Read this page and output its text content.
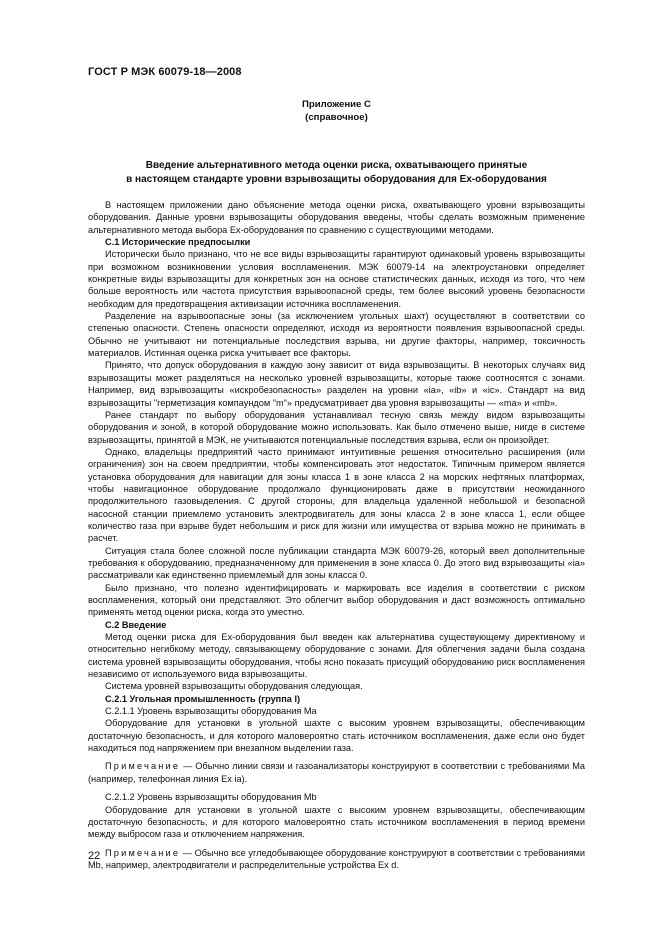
ГОСТ Р МЭК 60079-18—2008
Приложение C
(справочное)
Введение альтернативного метода оценки риска, охватывающего принятые
в настоящем стандарте уровни взрывозащиты оборудования для Ex-оборудования

В настоящем приложении дано объяснение метода оценки риска, охватывающего уровни взрывозащиты оборудования. Данные уровни взрывозащиты оборудования введены, чтобы сделать возможным применение альтернативного метода выбора Ex-оборудования по сравнению с существующими методами.

C.1 Исторические предпосылки

Исторически было признано, что не все виды взрывозащиты гарантируют одинаковый уровень взрывозащиты при возможном возникновении условия воспламенения. МЭК 60079-14 на электроустановки определяет конкретные виды взрывозащиты для конкретных зон на основе статистических данных, исходя из того, что чем больше вероятность или частота присутствия взрывоопасной среды, тем более высокий уровень безопасности необходим для предотвращения активизации источника воспламенения.

Разделение на взрывоопасные зоны (за исключением угольных шахт) осуществляют в соответствии со степенью опасности. Степень опасности определяют, исходя из вероятности появления взрывоопасной среды. Обычно не учитывают ни потенциальные последствия взрыва, ни другие факторы, например, токсичность материалов. Истинная оценка риска учитывает все факторы.

Принято, что допуск оборудования в каждую зону зависит от вида взрывозащиты. В некоторых случаях вид взрывозащиты может разделяться на несколько уровней взрывозащиты, которые также соотносятся с зонами. Например, вид взрывозащиты «искробезопасность» разделен на уровни «ia», «ib» и «ic». Стандарт на вид взрывозащиты "герметизация компаундом "m"» предусматривает два уровня взрывозащиты — «ma» и «mb».

Ранее стандарт по выбору оборудования устанавливал тесную связь между видом взрывозащиты оборудования и зоной, в которой оборудование можно использовать. Как было отмечено выше, нигде в системе взрывозащиты, принятой в МЭК, не учитываются потенциальные последствия взрыва, если он произойдет.

Однако, владельцы предприятий часто принимают интуитивные решения относительно расширения (или ограничения) зон на своем предприятии, чтобы компенсировать этот недостаток. Типичным примером является установка оборудования для навигации для зоны класса 1 в зоне класса 2 на морских нефтяных платформах, чтобы навигационное оборудование продолжало функционировать даже в присутствии неожиданного продолжительного газовыделения. С другой стороны, для владельца удаленной небольшой и безопасной насосной станции приемлемо установить электродвигатель для зоны класса 2 в зоне класса 1, если общее количество газа при взрыве будет небольшим и риск для жизни или имущества от взрыва можно не принимать в расчет.

Ситуация стала более сложной после публикации стандарта МЭК 60079-26, который ввел дополнительные требования к оборудованию, предназначенному для применения в зоне класса 0. До этого вид взрывозащиты «ia» рассматривали как единственно приемлемый для зоны класса 0.

Было признано, что полезно идентифицировать и маркировать все изделия в соответствии с риском воспламенения, который они представляют. Это облегчит выбор оборудования и даст возможность оптимально применять метод оценки риска, когда это уместно.

C.2 Введение

Метод оценки риска для Ex-оборудования был введен как альтернатива существующему директивному и относительно негибкому методу, связывающему оборудование с зонами. Для облегчения задачи была создана система уровней взрывозащиты оборудования, чтобы ясно показать присущий оборудованию риск воспламенения независимо от используемого вида взрывозащиты.

Система уровней взрывозащиты оборудования следующая.

C.2.1 Угольная промышленность (группа I)

C.2.1.1 Уровень взрывозащиты оборудования Ma

Оборудование для установки в угольной шахте с высоким уровнем взрывозащиты, обеспечивающим достаточную безопасность, и для которого маловероятно стать источником воспламенения, даже если оно будет находиться под напряжением при внезапном выделении газа.

Примечание — Обычно линии связи и газоанализаторы конструируют в соответствии с требованиями Ma (например, телефонная линия Ex ia).

C.2.1.2 Уровень взрывозащиты оборудования Mb

Оборудование для установки в угольной шахте с высоким уровнем взрывозащиты, обеспечивающим достаточную безопасность, и для которого маловероятно стать источником воспламенения в период времени между выбросом газа и отключением напряжения.

Примечание — Обычно все угледобывающее оборудование конструируют в соответствии с требованиями Mb, например, электродвигатели и распределительные устройства Ex d.

22
